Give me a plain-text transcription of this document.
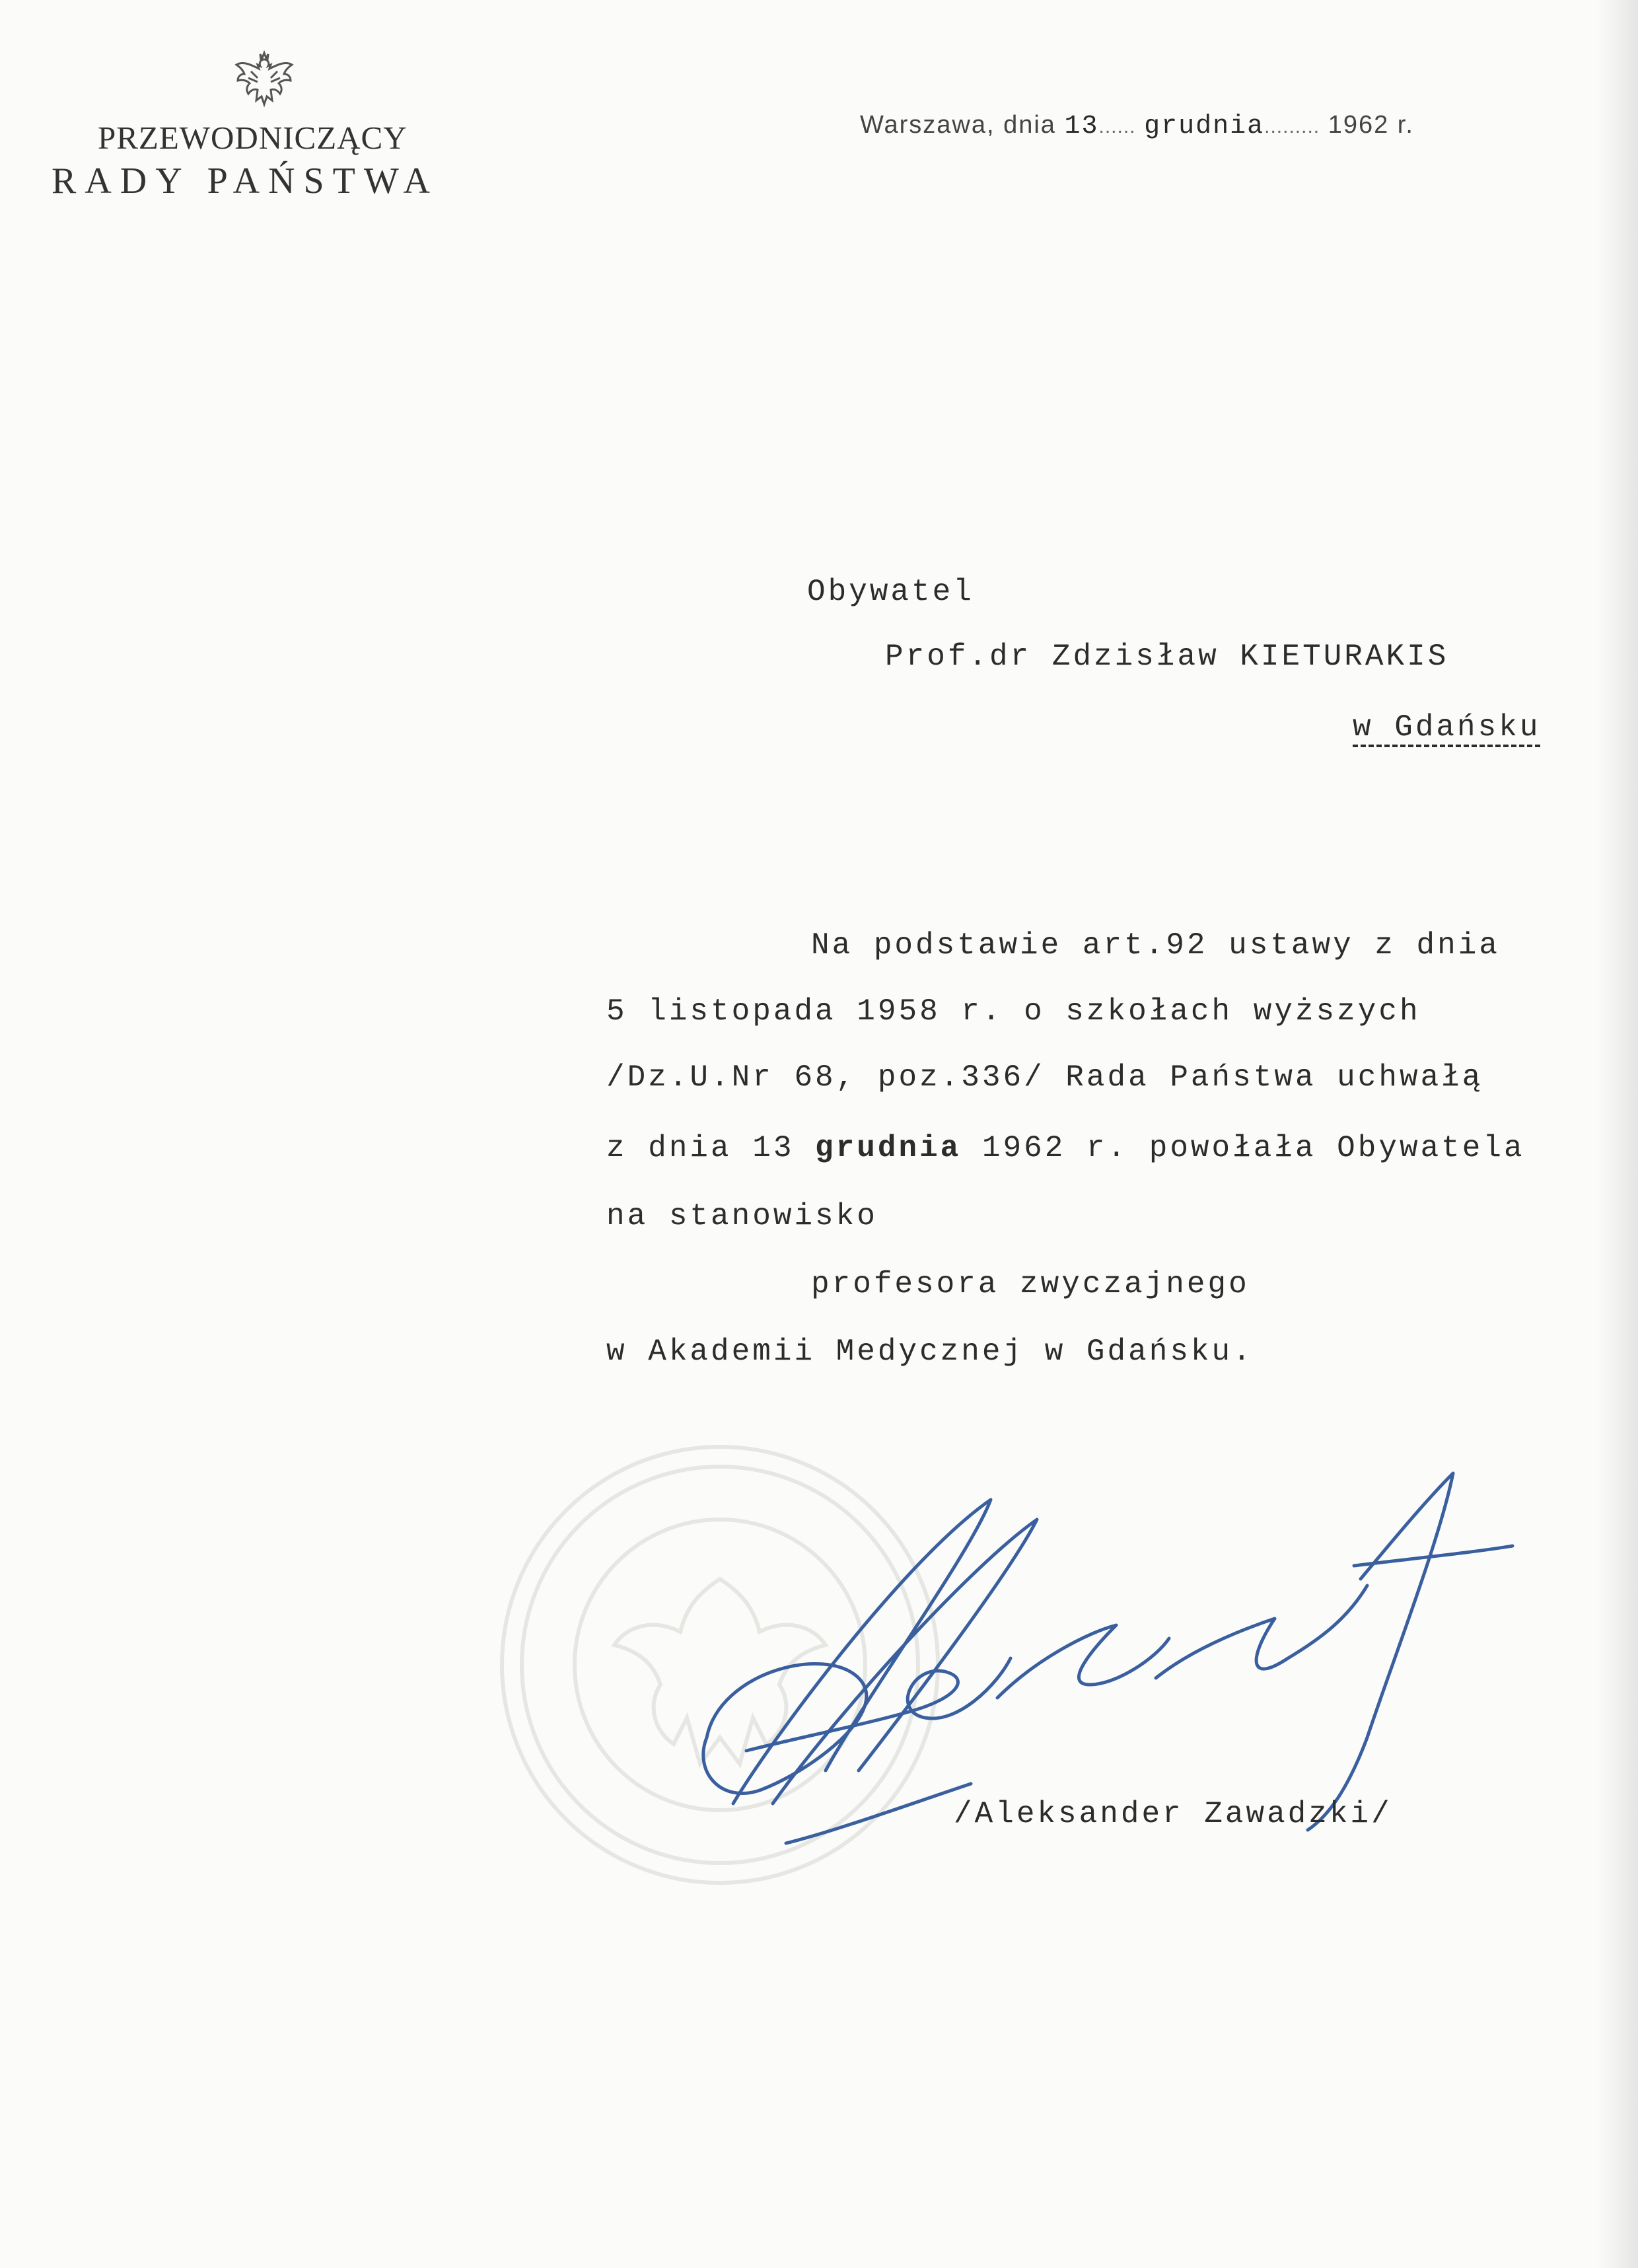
PRZEWODNICZĄCY
RADY PAŃSTWA
Warszawa, dnia 13...... grudnia......... 1962 r.
Obywatel
Prof.dr Zdzisław KIETURAKIS
w Gdańsku
Na podstawie art.92 ustawy z dnia
5 listopada 1958 r. o szkołach wyższych
/Dz.U.Nr 68, poz.336/ Rada Państwa uchwałą
z dnia 13 grudnia 1962 r. powołała Obywatela
na stanowisko
profesora zwyczajnego
w Akademii Medycznej w Gdańsku.
/Aleksander Zawadzki/
